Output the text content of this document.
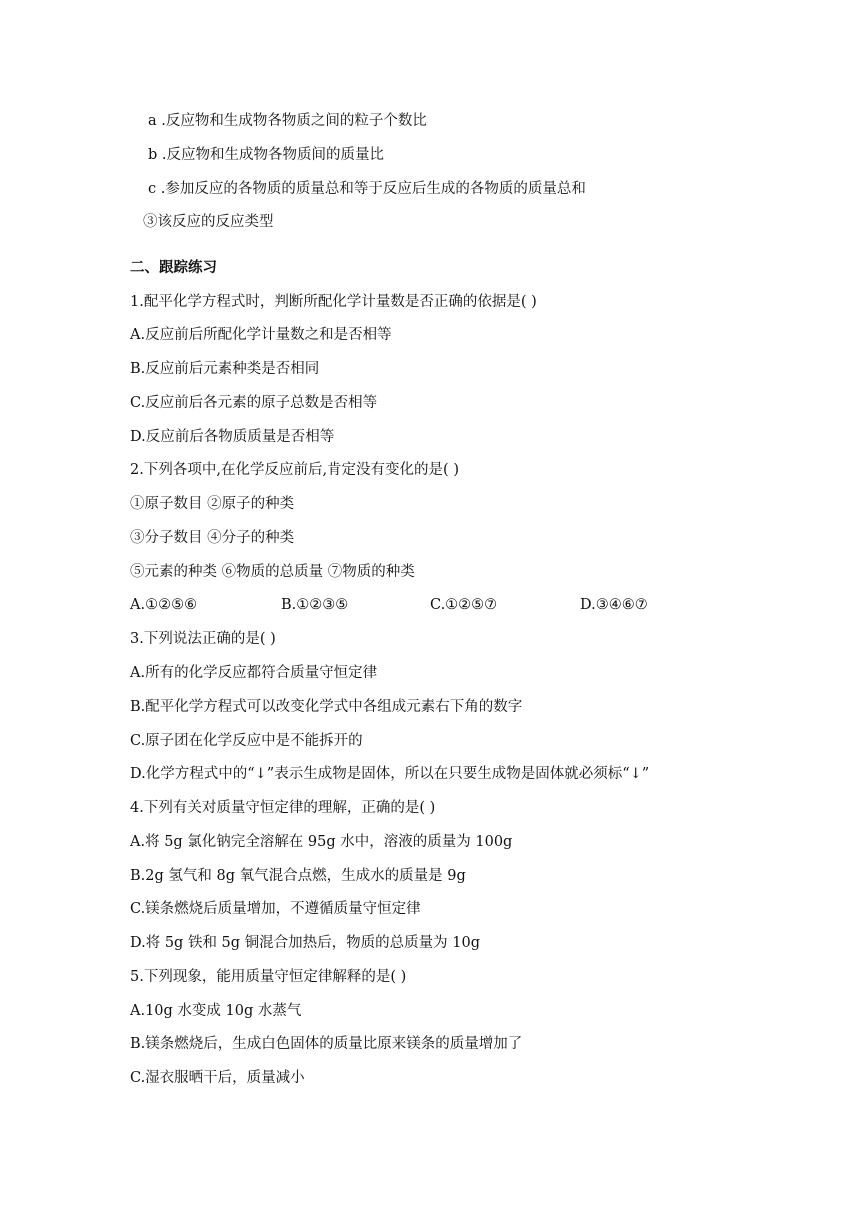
a .反应物和生成物各物质之间的粒子个数比
b .反应物和生成物各物质间的质量比
c .参加反应的各物质的质量总和等于反应后生成的各物质的质量总和
③该反应的反应类型
二、跟踪练习
1.配平化学方程式时，判断所配化学计量数是否正确的依据是( )
A.反应前后所配化学计量数之和是否相等
B.反应前后元素种类是否相同
C.反应前后各元素的原子总数是否相等
D.反应前后各物质质量是否相等
2.下列各项中,在化学反应前后,肯定没有变化的是( )
①原子数目 ②原子的种类
③分子数目 ④分子的种类
⑤元素的种类 ⑥物质的总质量 ⑦物质的种类
A.①②⑤⑥	B.①②③⑤	C.①②⑤⑦	D.③④⑥⑦
3.下列说法正确的是( )
A.所有的化学反应都符合质量守恒定律
B.配平化学方程式可以改变化学式中各组成元素右下角的数字
C.原子团在化学反应中是不能拆开的
D.化学方程式中的“↓”表示生成物是固体，所以在只要生成物是固体就必须标“↓”
4.下列有关对质量守恒定律的理解，正确的是( )
A.将 5g 氯化钠完全溶解在 95g 水中，溶液的质量为 100g
B.2g 氢气和 8g 氧气混合点燃，生成水的质量是 9g
C.镁条燃烧后质量增加，不遵循质量守恒定律
D.将 5g 铁和 5g 铜混合加热后，物质的总质量为 10g
5.下列现象，能用质量守恒定律解释的是( )
A.10g 水变成 10g 水蒸气
B.镁条燃烧后，生成白色固体的质量比原来镁条的质量增加了
C.湿衣服晒干后，质量减小
